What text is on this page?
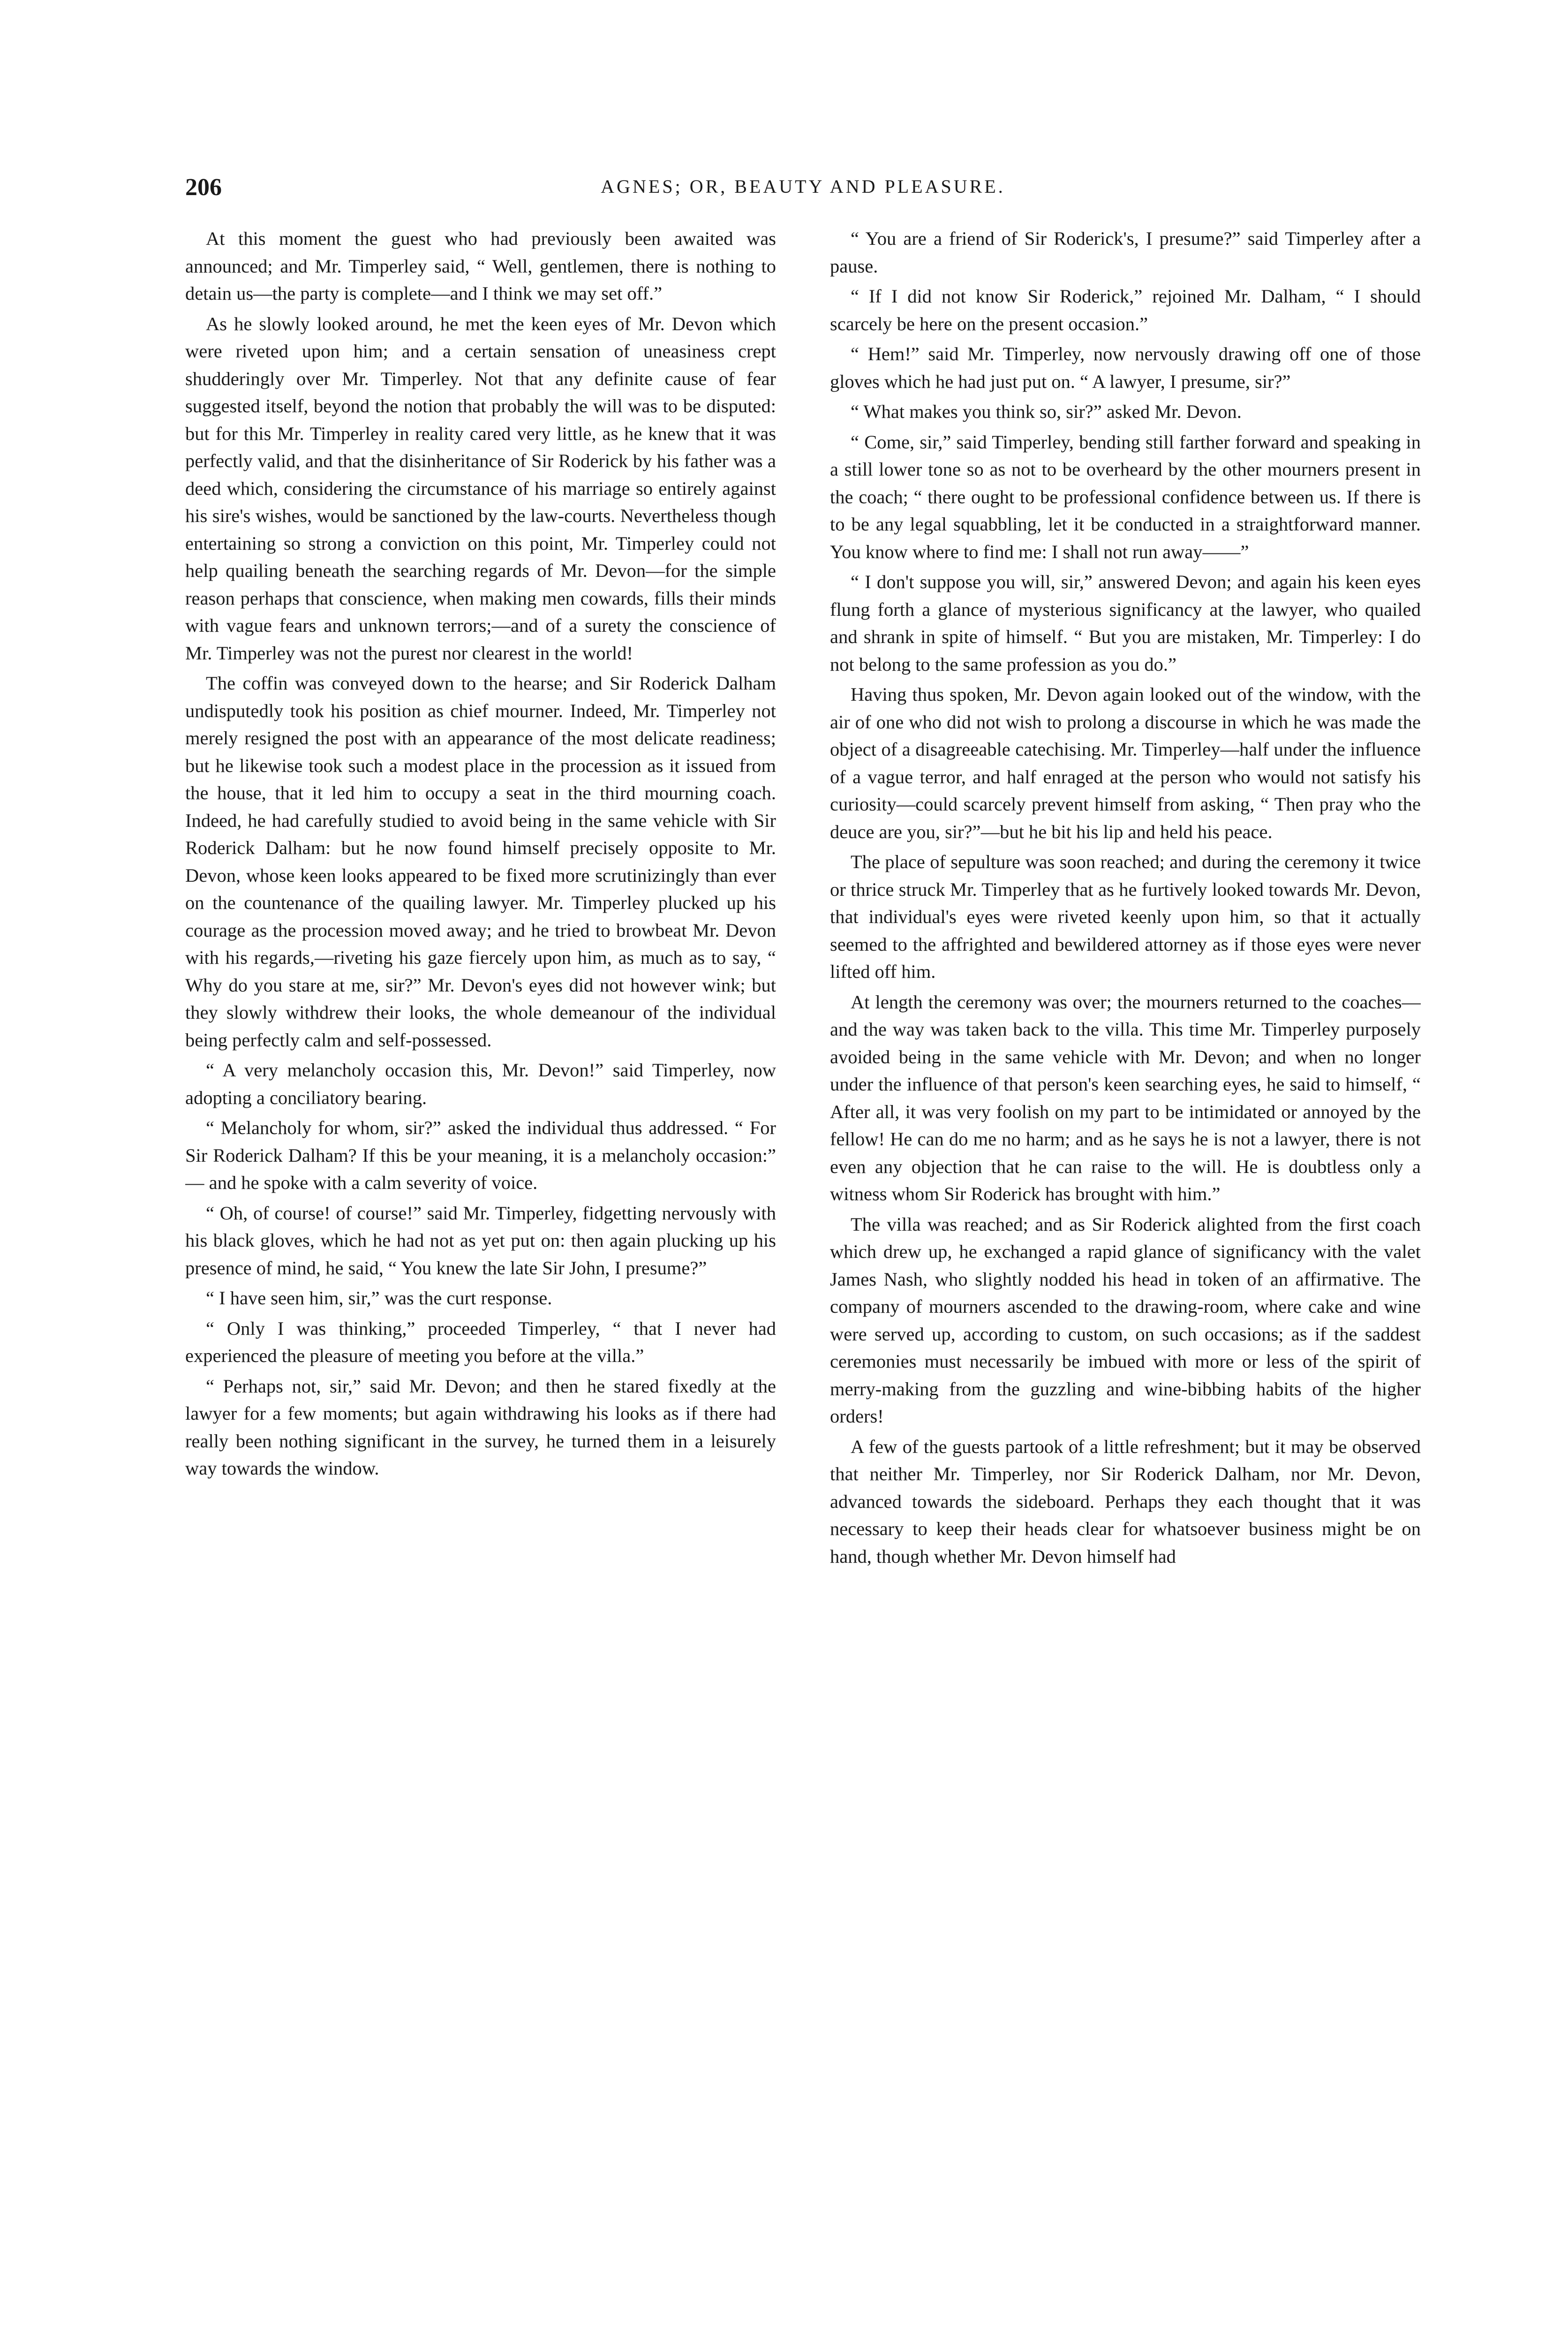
206	AGNES; OR, BEAUTY AND PLEASURE.

At this moment the guest who had previously been awaited was announced; and Mr. Timperley said, “ Well, gentlemen, there is nothing to detain us—the party is complete—and I think we may set off.”

As he slowly looked around, he met the keen eyes of Mr. Devon which were riveted upon him; and a certain sensation of uneasiness crept shudderingly over Mr. Timperley. Not that any definite cause of fear suggested itself, beyond the notion that probably the will was to be disputed: but for this Mr. Timperley in reality cared very little, as he knew that it was perfectly valid, and that the disinheritance of Sir Roderick by his father was a deed which, considering the circumstance of his marriage so entirely against his sire's wishes, would be sanctioned by the law-courts. Nevertheless though entertaining so strong a conviction on this point, Mr. Timperley could not help quailing beneath the searching regards of Mr. Devon—for the simple reason perhaps that conscience, when making men cowards, fills their minds with vague fears and unknown terrors;—and of a surety the conscience of Mr. Timperley was not the purest nor clearest in the world!

The coffin was conveyed down to the hearse; and Sir Roderick Dalham undisputedly took his position as chief mourner. Indeed, Mr. Timperley not merely resigned the post with an appearance of the most delicate readiness; but he likewise took such a modest place in the procession as it issued from the house, that it led him to occupy a seat in the third mourning coach. Indeed, he had carefully studied to avoid being in the same vehicle with Sir Roderick Dalham: but he now found himself precisely opposite to Mr. Devon, whose keen looks appeared to be fixed more scrutinizingly than ever on the countenance of the quailing lawyer. Mr. Timperley plucked up his courage as the procession moved away; and he tried to browbeat Mr. Devon with his regards,—riveting his gaze fiercely upon him, as much as to say, “ Why do you stare at me, sir?” Mr. Devon's eyes did not however wink; but they slowly withdrew their looks, the whole demeanour of the individual being perfectly calm and self-possessed.

“ A very melancholy occasion this, Mr. Devon!” said Timperley, now adopting a conciliatory bearing.

“ Melancholy for whom, sir?” asked the individual thus addressed. “ For Sir Roderick Dalham? If this be your meaning, it is a melancholy occasion:” — and he spoke with a calm severity of voice.

“ Oh, of course! of course!” said Mr. Timperley, fidgetting nervously with his black gloves, which he had not as yet put on: then again plucking up his presence of mind, he said, “ You knew the late Sir John, I presume?”

“ I have seen him, sir,” was the curt response.

“ Only I was thinking,” proceeded Timperley, “ that I never had experienced the pleasure of meeting you before at the villa.”

“ Perhaps not, sir,” said Mr. Devon; and then he stared fixedly at the lawyer for a few moments; but again withdrawing his looks as if there had really been nothing significant in the survey, he turned them in a leisurely way towards the window.

“ You are a friend of Sir Roderick's, I presume?” said Timperley after a pause.

“ If I did not know Sir Roderick,” rejoined Mr. Dalham, “ I should scarcely be here on the present occasion.”

“ Hem!” said Mr. Timperley, now nervously drawing off one of those gloves which he had just put on. “ A lawyer, I presume, sir?”

“ What makes you think so, sir?” asked Mr. Devon.

“ Come, sir,” said Timperley, bending still farther forward and speaking in a still lower tone so as not to be overheard by the other mourners present in the coach; “ there ought to be professional confidence between us. If there is to be any legal squabbling, let it be conducted in a straightforward manner. You know where to find me: I shall not run away——”

“ I don't suppose you will, sir,” answered Devon; and again his keen eyes flung forth a glance of mysterious significancy at the lawyer, who quailed and shrank in spite of himself. “ But you are mistaken, Mr. Timperley: I do not belong to the same profession as you do.”

Having thus spoken, Mr. Devon again looked out of the window, with the air of one who did not wish to prolong a discourse in which he was made the object of a disagreeable catechising. Mr. Timperley—half under the influence of a vague terror, and half enraged at the person who would not satisfy his curiosity—could scarcely prevent himself from asking, “ Then pray who the deuce are you, sir?”—but he bit his lip and held his peace.

The place of sepulture was soon reached; and during the ceremony it twice or thrice struck Mr. Timperley that as he furtively looked towards Mr. Devon, that individual's eyes were riveted keenly upon him, so that it actually seemed to the affrighted and bewildered attorney as if those eyes were never lifted off him.

At length the ceremony was over; the mourners returned to the coaches—and the way was taken back to the villa. This time Mr. Timperley purposely avoided being in the same vehicle with Mr. Devon; and when no longer under the influence of that person's keen searching eyes, he said to himself, “ After all, it was very foolish on my part to be intimidated or annoyed by the fellow! He can do me no harm; and as he says he is not a lawyer, there is not even any objection that he can raise to the will. He is doubtless only a witness whom Sir Roderick has brought with him.”

The villa was reached; and as Sir Roderick alighted from the first coach which drew up, he exchanged a rapid glance of significancy with the valet James Nash, who slightly nodded his head in token of an affirmative. The company of mourners ascended to the drawing-room, where cake and wine were served up, according to custom, on such occasions; as if the saddest ceremonies must necessarily be imbued with more or less of the spirit of merry-making from the guzzling and wine-bibbing habits of the higher orders!

A few of the guests partook of a little refreshment; but it may be observed that neither Mr. Timperley, nor Sir Roderick Dalham, nor Mr. Devon, advanced towards the sideboard. Perhaps they each thought that it was necessary to keep their heads clear for whatsoever business might be on hand, though whether Mr. Devon himself had
